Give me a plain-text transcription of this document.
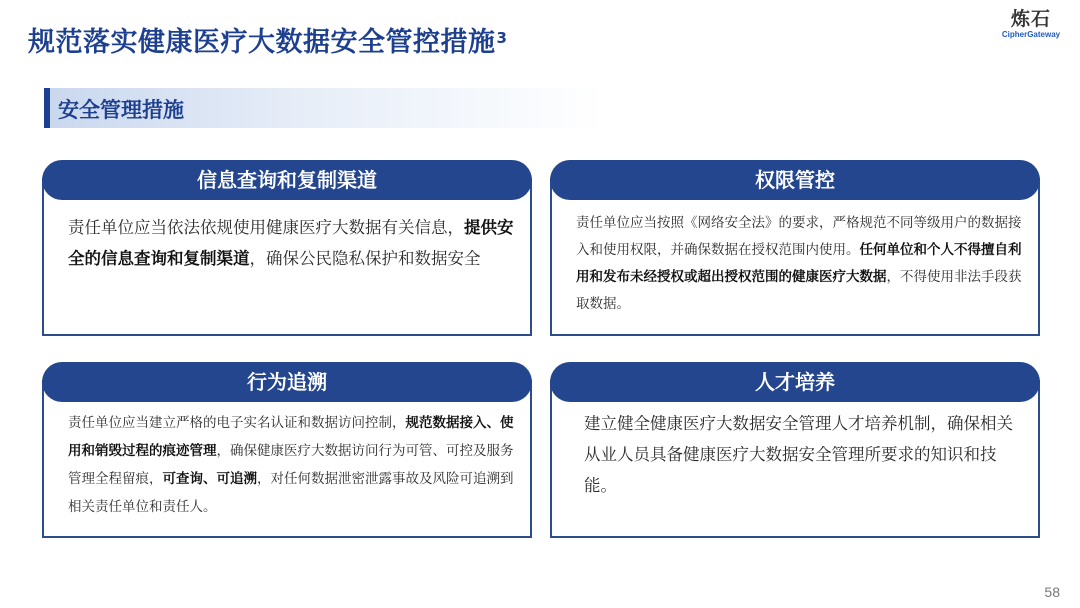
规范落实健康医疗大数据安全管控措施$^3$
炼石
CipherGateway
安全管理措施
信息查询和复制渠道
责任单位应当依法依规使用健康医疗大数据有关信息，提供安全的信息查询和复制渠道，确保公民隐私保护和数据安全
权限管控
责任单位应当按照《网络安全法》的要求，严格规范不同等级用户的数据接入和使用权限，并确保数据在授权范围内使用。任何单位和个人不得擅自利用和发布未经授权或超出授权范围的健康医疗大数据，不得使用非法手段获取数据。
行为追溯
责任单位应当建立严格的电子实名认证和数据访问控制，规范数据接入、使用和销毁过程的痕迹管理，确保健康医疗大数据访问行为可管、可控及服务管理全程留痕，可查询、可追溯，对任何数据泄密泄露事故及风险可追溯到相关责任单位和责任人。
人才培养
建立健全健康医疗大数据安全管理人才培养机制，确保相关从业人员具备健康医疗大数据安全管理所要求的知识和技能。
58
